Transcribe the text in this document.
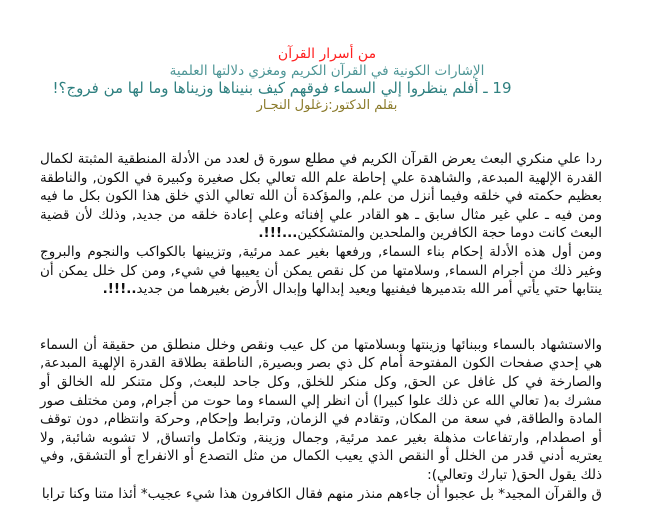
من أسرار القرآن
الإشارات الكونية في القرآن الكريم ومغزي دلالتها العلمية
19 ـ أفلم ينظروا إلي السماء فوقهم كيف بنيناها وزيناها وما لها من فروج؟!
بقلم الدكتور:زغلول النجـار

ردا علي منكري البعث يعرض القرآن الكريم في مطلع سورة ق لعدد من الأدلة المنطقية المثبتة لكمال القدرة الإلهية المبدعة, والشاهدة علي إحاطة علم الله تعالي بكل صغيرة وكبيرة في الكون, والناطقة بعظيم حكمته في خلقه وفيما أنزل من علم, والمؤكدة أن الله تعالي الذي خلق هذا الكون بكل ما فيه ومن فيه ـ علي غير مثال سابق ـ هو القادر علي إفنائه وعلي إعادة خلقه من جديد, وذلك لأن قضية البعث كانت دوما حجة الكافرين والملحدين والمتشككين...!!!.

ومن أول هذه الأدلة إحكام بناء السماء, ورفعها بغير عمد مرئية, وتزيينها بالكواكب والنجوم والبروج وغير ذلك من أجرام السماء, وسلامتها من كل نقص يمكن أن يعيبها في شيء, ومن كل خلل يمكن أن ينتابها حتي يأتي أمر الله بتدميرها فيفنيها ويعيد إبدالها وإبدال الأرض بغيرهما من جديد..!!!.

والاستشهاد بالسماء وببنائها وزينتها وبسلامتها من كل عيب ونقص وخلل منطلق من حقيقة أن السماء هي إحدي صفحات الكون المفتوحة أمام كل ذي بصر وبصيرة, الناطقة بطلاقة القدرة الإلهية المبدعة, والصارخة في كل غافل عن الحق, وكل منكر للخلق, وكل جاحد للبعث, وكل متنكر لله الخالق أو مشرك به( تعالي الله عن ذلك علوا كبيرا) أن انظر إلي السماء وما حوت من أجرام, ومن مختلف صور المادة والطاقة, في سعة من المكان, وتقادم في الزمان, وترابط وإحكام, وحركة وانتظام, دون توقف أو اصطدام, وارتفاعات مذهلة بغير عمد مرئية, وجمال وزينة, وتكامل واتساق, لا تشوبه شائبة, ولا يعتريه أدني قدر من الخلل أو النقص الذي يعيب الكمال من مثل التصدع أو الانفراج أو التشقق, وفي ذلك يقول الحق( تبارك وتعالي):

ق والقرآن المجيد* بل عجبوا أن جاءهم منذر منهم فقال الكافرون هذا شيء عجيب* أئذا متنا وكنا ترابا
